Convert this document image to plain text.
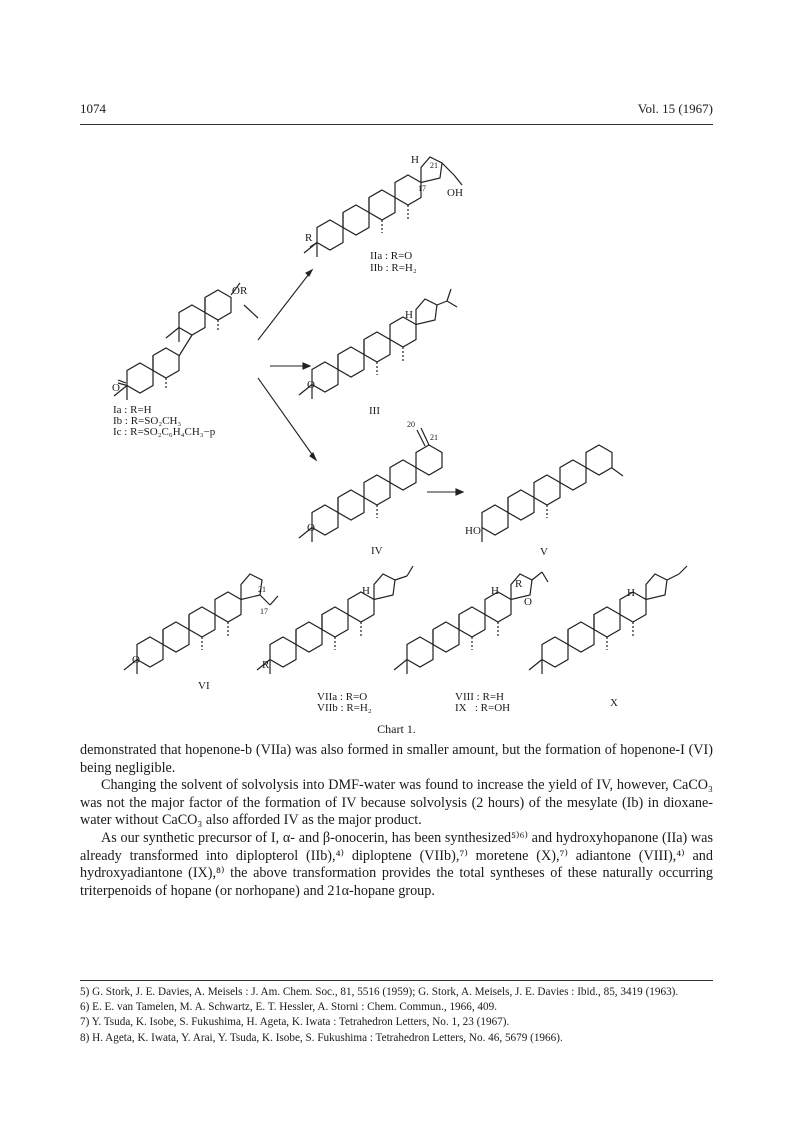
1074	Vol. 15 (1967)
H 21
17 OH
R
IIa : R=O
IIb : R=H₂
OR
O
Ia : R=H
Ib : R=SO₂CH₃
Ic : R=SO₂C₆H₄CH₃−p
H
O
III
20
21
O
IV
HO
V
21
17
O
VI
H
R
VIIa : R=O
VIIb : R=H₂
H
R
O
VIII : R=H
IX   : R=OH
H
X
Chart 1.

demonstrated that hopenone-b (VIIa) was also formed in smaller amount, but the formation of hopenone-I (VI) being negligible.

Changing the solvent of solvolysis into DMF-water was found to increase the yield of IV, however, CaCO₃ was not the major factor of the formation of IV because solvolysis (2 hours) of the mesylate (Ib) in dioxane-water without CaCO₃ also afforded IV as the major product.

As our synthetic precursor of I, α- and β-onocerin, has been synthesized⁵⁾⁶⁾ and hydroxyhopanone (IIa) was already transformed into diplopterol (IIb),⁴⁾ diploptene (VIIb),⁷⁾ moretene (X),⁷⁾ adiantone (VIII),⁴⁾ and hydroxyadiantone (IX),⁸⁾ the above transformation provides the total syntheses of these naturally occurring triterpenoids of hopane (or norhopane) and 21α-hopane group.

5) G. Stork, J. E. Davies, A. Meisels : J. Am. Chem. Soc., 81, 5516 (1959); G. Stork, A. Meisels, J. E. Davies : Ibid., 85, 3419 (1963).
6) E. E. van Tamelen, M. A. Schwartz, E. T. Hessler, A. Storni : Chem. Commun., 1966, 409.
7) Y. Tsuda, K. Isobe, S. Fukushima, H. Ageta, K. Iwata : Tetrahedron Letters, No. 1, 23 (1967).
8) H. Ageta, K. Iwata, Y. Arai, Y. Tsuda, K. Isobe, S. Fukushima : Tetrahedron Letters, No. 46, 5679 (1966).
